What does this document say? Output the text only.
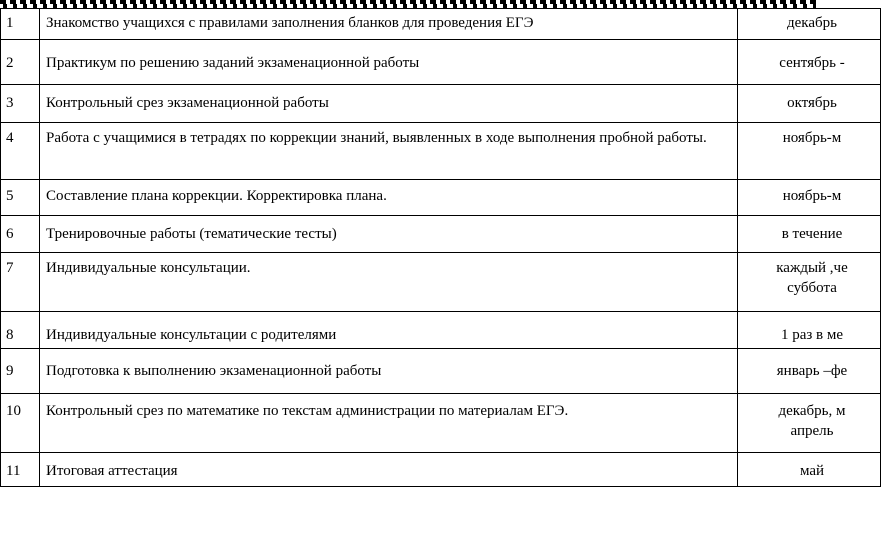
1	Знакомство учащихся с правилами заполнения бланков для проведения ЕГЭ	декабрь

2	Практикум по решению заданий экзаменационной работы	сентябрь -

3	Контрольный срез экзаменационной работы	октябрь

4	Работа с учащимися в тетрадях по коррекции знаний, выявленных в ходе выполнения пробной работы.	ноябрь-м

5	Составление плана коррекции. Корректировка плана.	ноябрь-м

6	Тренировочные работы (тематические тесты)	в течение

7	Индивидуальные консультации.	каждый ,че
суббота

8	Индивидуальные консультации с родителями	1 раз в ме

9	Подготовка к выполнению экзаменационной работы	январь –фе

10	Контрольный срез по математике по текстам администрации по материалам ЕГЭ.	декабрь, м
апрель

11	Итоговая аттестация	май
